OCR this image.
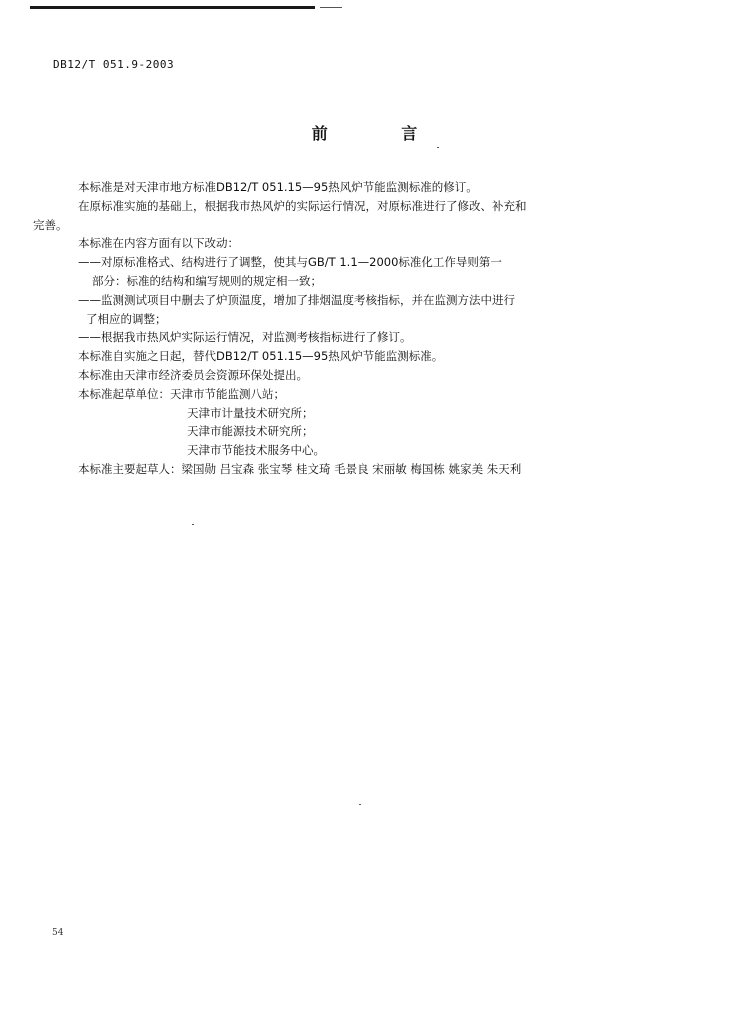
DB12/T 051.9-2003
前 言
本标准是对天津市地方标准DB12/T 051.15—95热风炉节能监测标准的修订。
在原标准实施的基础上，根据我市热风炉的实际运行情况，对原标准进行了修改、补充和
完善。
本标准在内容方面有以下改动：
——对原标准格式、结构进行了调整，使其与GB/T 1.1—2000标准化工作导则第一
部分：标准的结构和编写规则的规定相一致；
——监测测试项目中删去了炉顶温度，增加了排烟温度考核指标，并在监测方法中进行
了相应的调整；
——根据我市热风炉实际运行情况，对监测考核指标进行了修订。
本标准自实施之日起，替代DB12/T 051.15—95热风炉节能监测标准。
本标准由天津市经济委员会资源环保处提出。
本标准起草单位：天津市节能监测八站；
天津市计量技术研究所；
天津市能源技术研究所；
天津市节能技术服务中心。
本标准主要起草人：梁国勋 吕宝森 张宝琴 桂文琦 毛景良 宋丽敏 梅国栋 姚家美 朱天利
54
